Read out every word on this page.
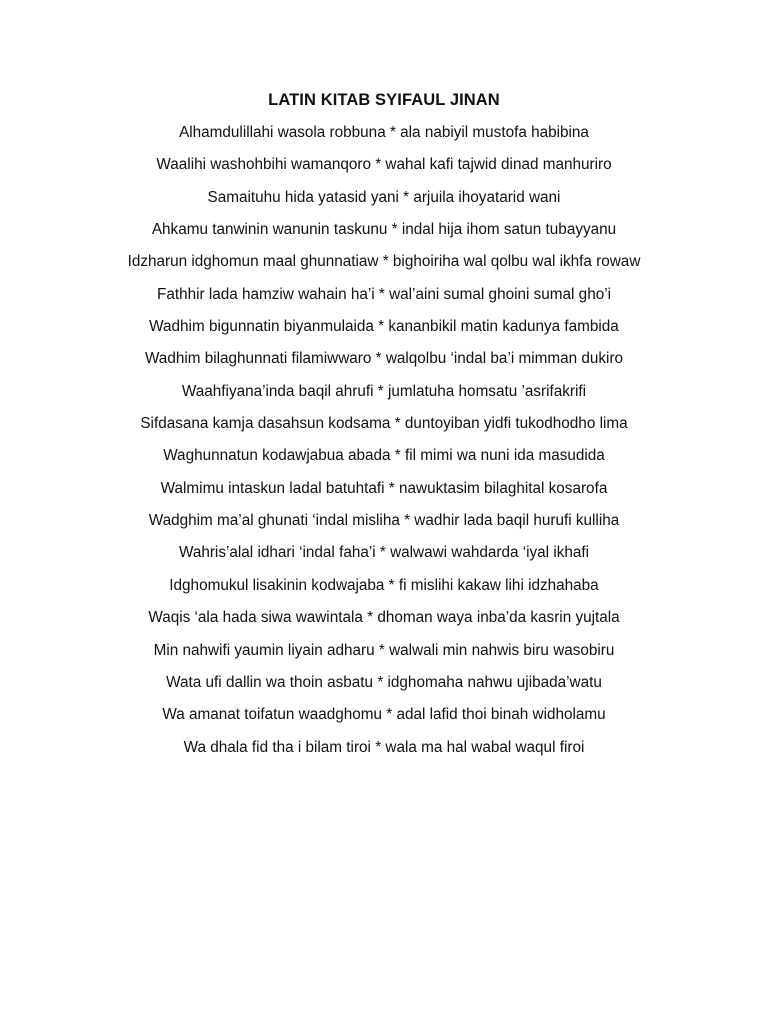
LATIN KITAB SYIFAUL JINAN
Alhamdulillahi wasola robbuna * ala nabiyil mustofa habibina
Waalihi washohbihi wamanqoro * wahal kafi tajwid dinad manhuriro
Samaituhu hida yatasid yani * arjuila ihoyatarid wani
Ahkamu tanwinin wanunin taskunu * indal hija ihom satun tubayyanu
Idzharun idghomun maal ghunnatiaw * bighoiriha wal qolbu wal ikhfa rowaw
Fathhir lada hamziw wahain ha’i * wal’aini sumal ghoini sumal gho’i
Wadhim bigunnatin biyanmulaida * kananbikil matin kadunya fambida
Wadhim bilaghunnati filamiwwaro * walqolbu ‘indal ba’i mimman dukiro
Waahfiyana’inda baqil ahrufi * jumlatuha homsatu ’asrifakrifi
Sifdasana kamja dasahsun kodsama * duntoyiban yidfi tukodhodho lima
Waghunnatun kodawjabua abada * fil mimi wa nuni ida masudida
Walmimu intaskun ladal batuhtafi * nawuktasim bilaghital kosarofa
Wadghim ma’al ghunati ‘indal misliha * wadhir lada baqil hurufi kulliha
Wahris’alal idhari ‘indal faha’i * walwawi wahdarda ‘iyal ikhafi
Idghomukul lisakinin kodwajaba * fi mislihi kakaw lihi idzhahaba
Waqis ‘ala hada siwa wawintala * dhoman waya inba’da kasrin yujtala
Min nahwifi yaumin liyain adharu * walwali min nahwis biru wasobiru
Wata ufi dallin wa thoin asbatu * idghomaha nahwu ujibada’watu
Wa amanat toifatun waadghomu * adal lafid thoi binah widholamu
Wa dhala fid tha i bilam tiroi * wala ma hal wabal waqul firoi
